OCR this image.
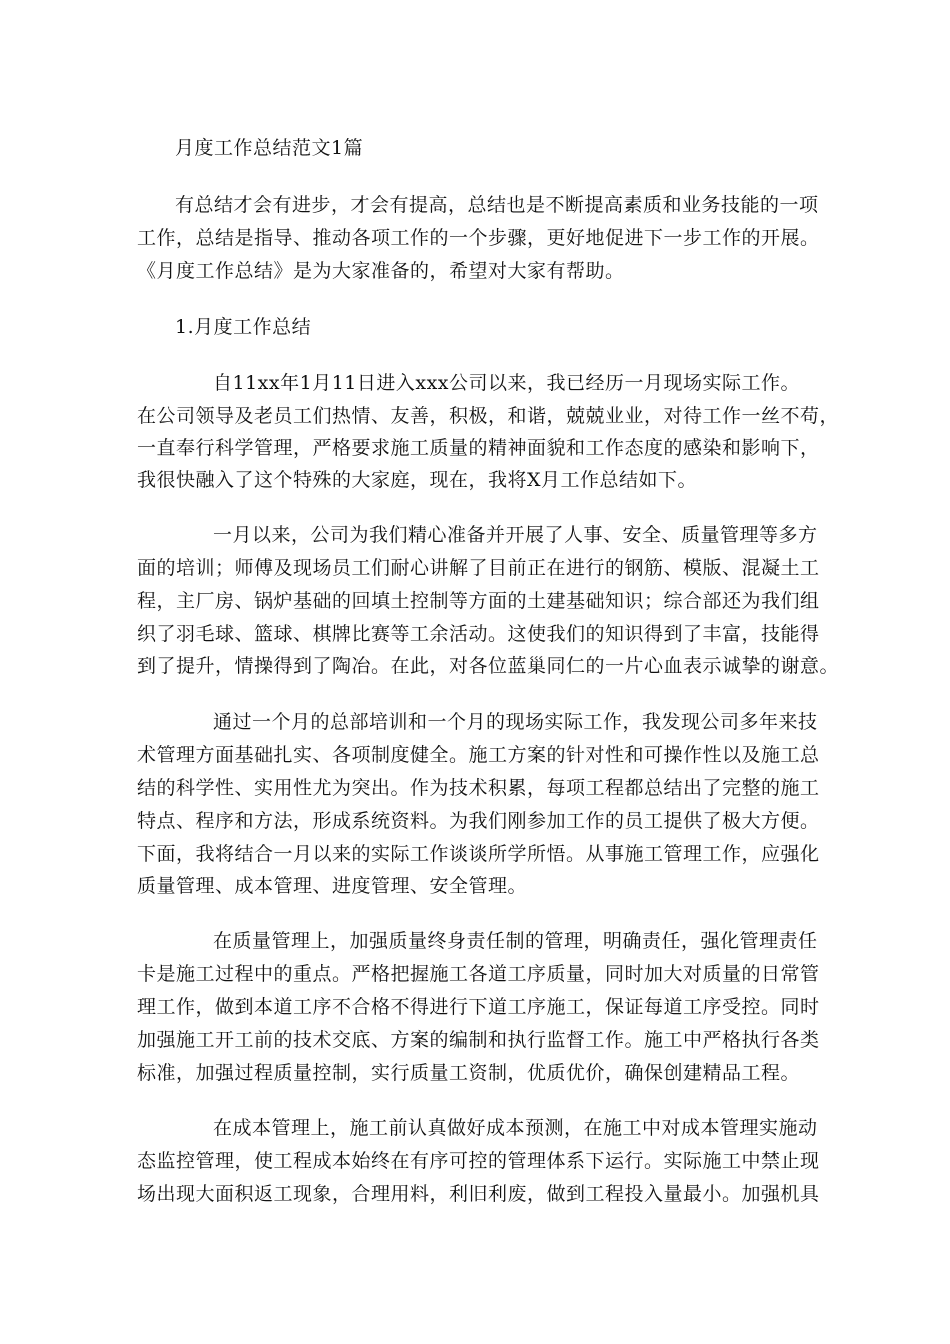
月度工作总结范文1篇
有总结才会有进步，才会有提高，总结也是不断提高素质和业务技能的一项
工作，总结是指导、推动各项工作的一个步骤，更好地促进下一步工作的开展。
《月度工作总结》是为大家准备的，希望对大家有帮助。
1.月度工作总结
自11xx年1月11日进入xxx公司以来，我已经历一月现场实际工作。
在公司领导及老员工们热情、友善，积极，和谐，兢兢业业，对待工作一丝不苟，
一直奉行科学管理，严格要求施工质量的精神面貌和工作态度的感染和影响下，
我很快融入了这个特殊的大家庭，现在，我将X月工作总结如下。
一月以来，公司为我们精心准备并开展了人事、安全、质量管理等多方
面的培训；师傅及现场员工们耐心讲解了目前正在进行的钢筋、模版、混凝土工
程，主厂房、锅炉基础的回填土控制等方面的土建基础知识；综合部还为我们组
织了羽毛球、篮球、棋牌比赛等工余活动。这使我们的知识得到了丰富，技能得
到了提升，情操得到了陶冶。在此，对各位蓝巢同仁的一片心血表示诚挚的谢意。
通过一个月的总部培训和一个月的现场实际工作，我发现公司多年来技
术管理方面基础扎实、各项制度健全。施工方案的针对性和可操作性以及施工总
结的科学性、实用性尤为突出。作为技术积累，每项工程都总结出了完整的施工
特点、程序和方法，形成系统资料。为我们刚参加工作的员工提供了极大方便。
下面，我将结合一月以来的实际工作谈谈所学所悟。从事施工管理工作，应强化
质量管理、成本管理、进度管理、安全管理。
在质量管理上，加强质量终身责任制的管理，明确责任，强化管理责任
卡是施工过程中的重点。严格把握施工各道工序质量，同时加大对质量的日常管
理工作，做到本道工序不合格不得进行下道工序施工，保证每道工序受控。同时
加强施工开工前的技术交底、方案的编制和执行监督工作。施工中严格执行各类
标准，加强过程质量控制，实行质量工资制，优质优价，确保创建精品工程。
在成本管理上，施工前认真做好成本预测，在施工中对成本管理实施动
态监控管理，使工程成本始终在有序可控的管理体系下运行。实际施工中禁止现
场出现大面积返工现象，合理用料，利旧利废，做到工程投入量最小。加强机具
